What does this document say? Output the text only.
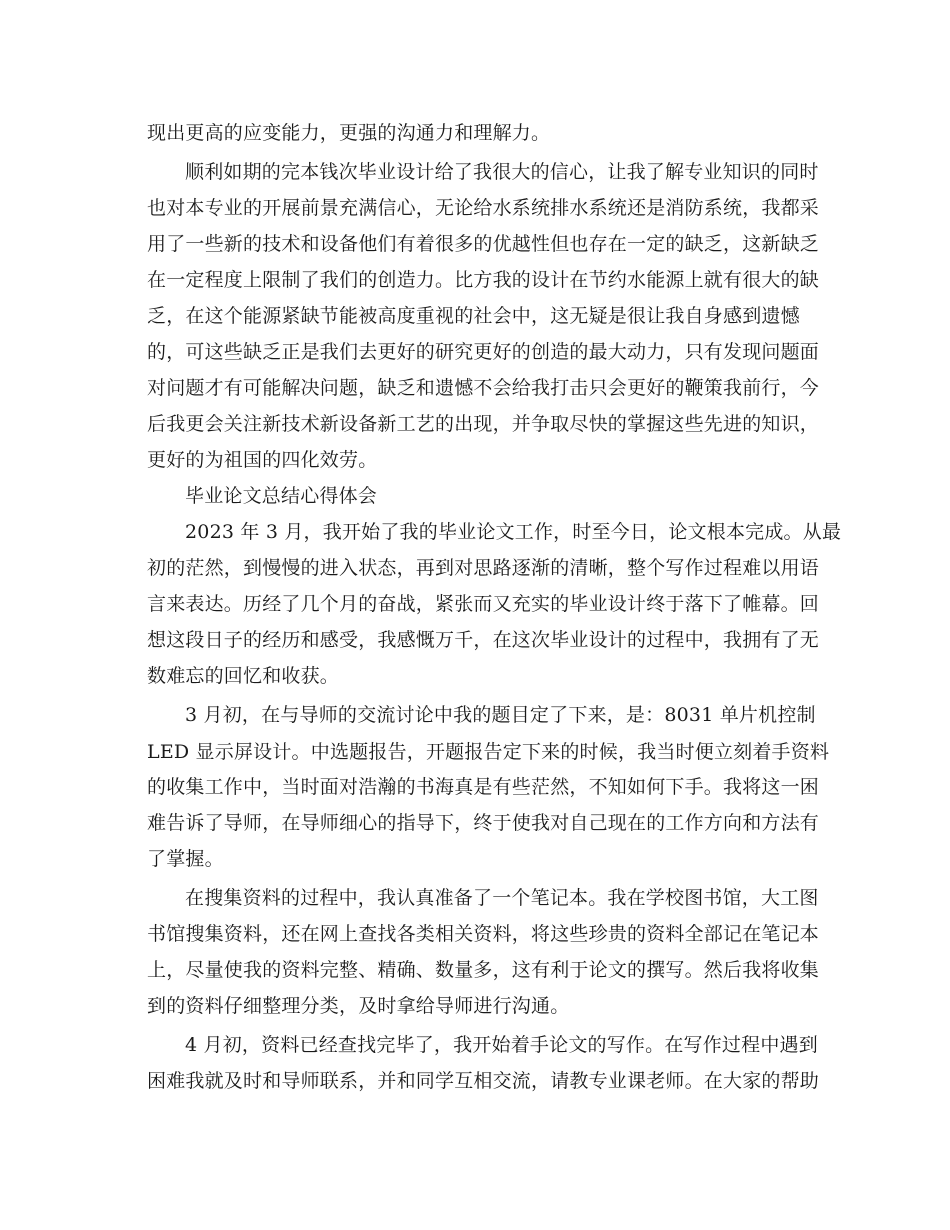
现出更高的应变能力，更强的沟通力和理解力。
顺利如期的完本钱次毕业设计给了我很大的信心，让我了解专业知识的同时
也对本专业的开展前景充满信心，无论给水系统排水系统还是消防系统，我都采
用了一些新的技术和设备他们有着很多的优越性但也存在一定的缺乏，这新缺乏
在一定程度上限制了我们的创造力。比方我的设计在节约水能源上就有很大的缺
乏，在这个能源紧缺节能被高度重视的社会中，这无疑是很让我自身感到遗憾
的，可这些缺乏正是我们去更好的研究更好的创造的最大动力，只有发现问题面
对问题才有可能解决问题，缺乏和遗憾不会给我打击只会更好的鞭策我前行，今
后我更会关注新技术新设备新工艺的出现，并争取尽快的掌握这些先进的知识，
更好的为祖国的四化效劳。
毕业论文总结心得体会
2023 年 3 月，我开始了我的毕业论文工作，时至今日，论文根本完成。从最
初的茫然，到慢慢的进入状态，再到对思路逐渐的清晰，整个写作过程难以用语
言来表达。历经了几个月的奋战，紧张而又充实的毕业设计终于落下了帷幕。回
想这段日子的经历和感受，我感慨万千，在这次毕业设计的过程中，我拥有了无
数难忘的回忆和收获。
3 月初，在与导师的交流讨论中我的题目定了下来，是：8031 单片机控制
LED 显示屏设计。中选题报告，开题报告定下来的时候，我当时便立刻着手资料
的收集工作中，当时面对浩瀚的书海真是有些茫然，不知如何下手。我将这一困
难告诉了导师，在导师细心的指导下，终于使我对自己现在的工作方向和方法有
了掌握。
在搜集资料的过程中，我认真准备了一个笔记本。我在学校图书馆，大工图
书馆搜集资料，还在网上查找各类相关资料，将这些珍贵的资料全部记在笔记本
上，尽量使我的资料完整、精确、数量多，这有利于论文的撰写。然后我将收集
到的资料仔细整理分类，及时拿给导师进行沟通。
4 月初，资料已经查找完毕了，我开始着手论文的写作。在写作过程中遇到
困难我就及时和导师联系，并和同学互相交流，请教专业课老师。在大家的帮助
